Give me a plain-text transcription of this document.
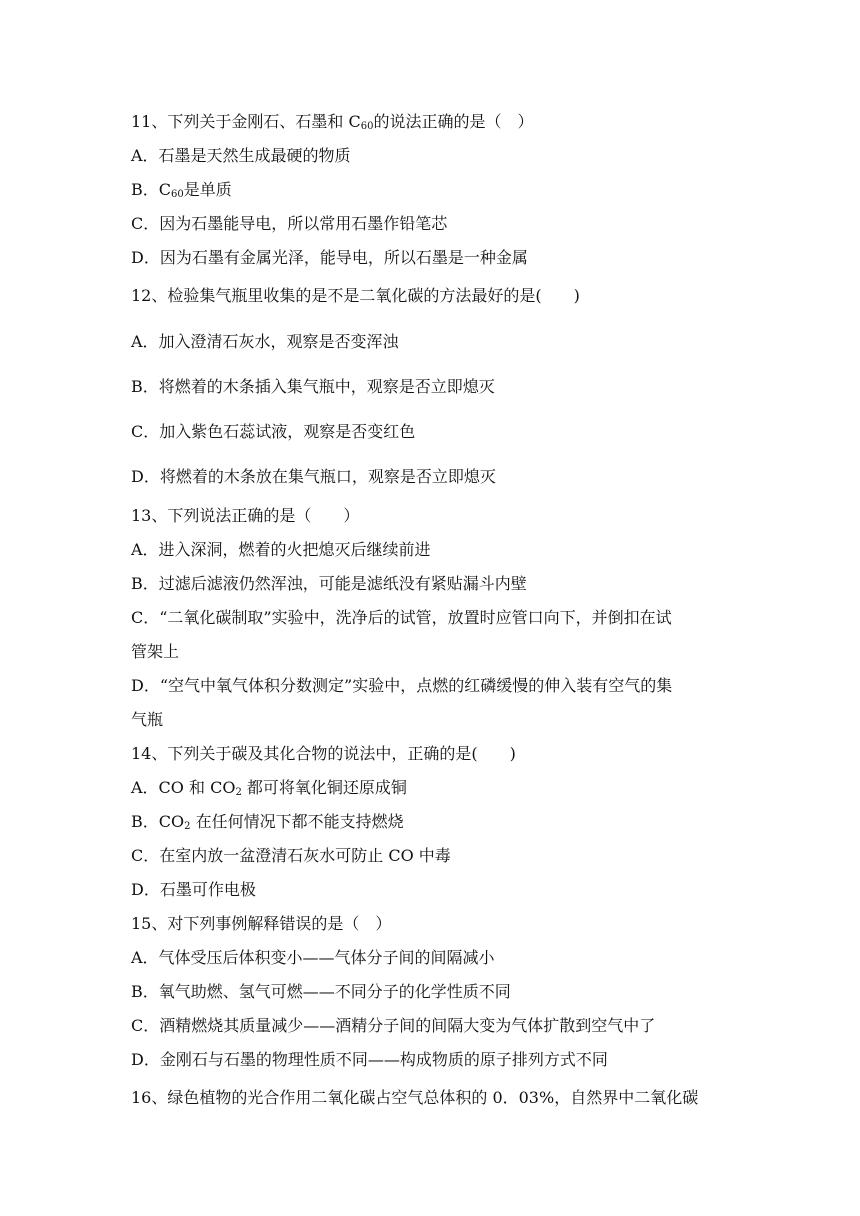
11、下列关于金刚石、石墨和 $C_{60}$的说法正确的是（　）
A．石墨是天然生成最硬的物质
B．$C_{60}$是单质
C．因为石墨能导电，所以常用石墨作铅笔芯
D．因为石墨有金属光泽，能导电，所以石墨是一种金属
12、检验集气瓶里收集的是不是二氧化碳的方法最好的是(　　)
A．加入澄清石灰水，观察是否变浑浊
B．将燃着的木条插入集气瓶中，观察是否立即熄灭
C．加入紫色石蕊试液，观察是否变红色
D．将燃着的木条放在集气瓶口，观察是否立即熄灭
13、下列说法正确的是（　　）
A．进入深洞，燃着的火把熄灭后继续前进
B．过滤后滤液仍然浑浊，可能是滤纸没有紧贴漏斗内壁
C．“二氧化碳制取”实验中，洗净后的试管，放置时应管口向下，并倒扣在试
管架上
D．“空气中氧气体积分数测定”实验中，点燃的红磷缓慢的伸入装有空气的集
气瓶
14、下列关于碳及其化合物的说法中，正确的是(　　)
A．CO 和 $CO_2$ 都可将氧化铜还原成铜
B．$CO_2$ 在任何情况下都不能支持燃烧
C．在室内放一盆澄清石灰水可防止 CO 中毒
D．石墨可作电极
15、对下列事例解释错误的是（　）
A．气体受压后体积变小——气体分子间的间隔减小
B．氧气助燃、氢气可燃——不同分子的化学性质不同
C．酒精燃烧其质量减少——酒精分子间的间隔大变为气体扩散到空气中了
D．金刚石与石墨的物理性质不同——构成物质的原子排列方式不同
16、绿色植物的光合作用二氧化碳占空气总体积的 0．03%，自然界中二氧化碳
